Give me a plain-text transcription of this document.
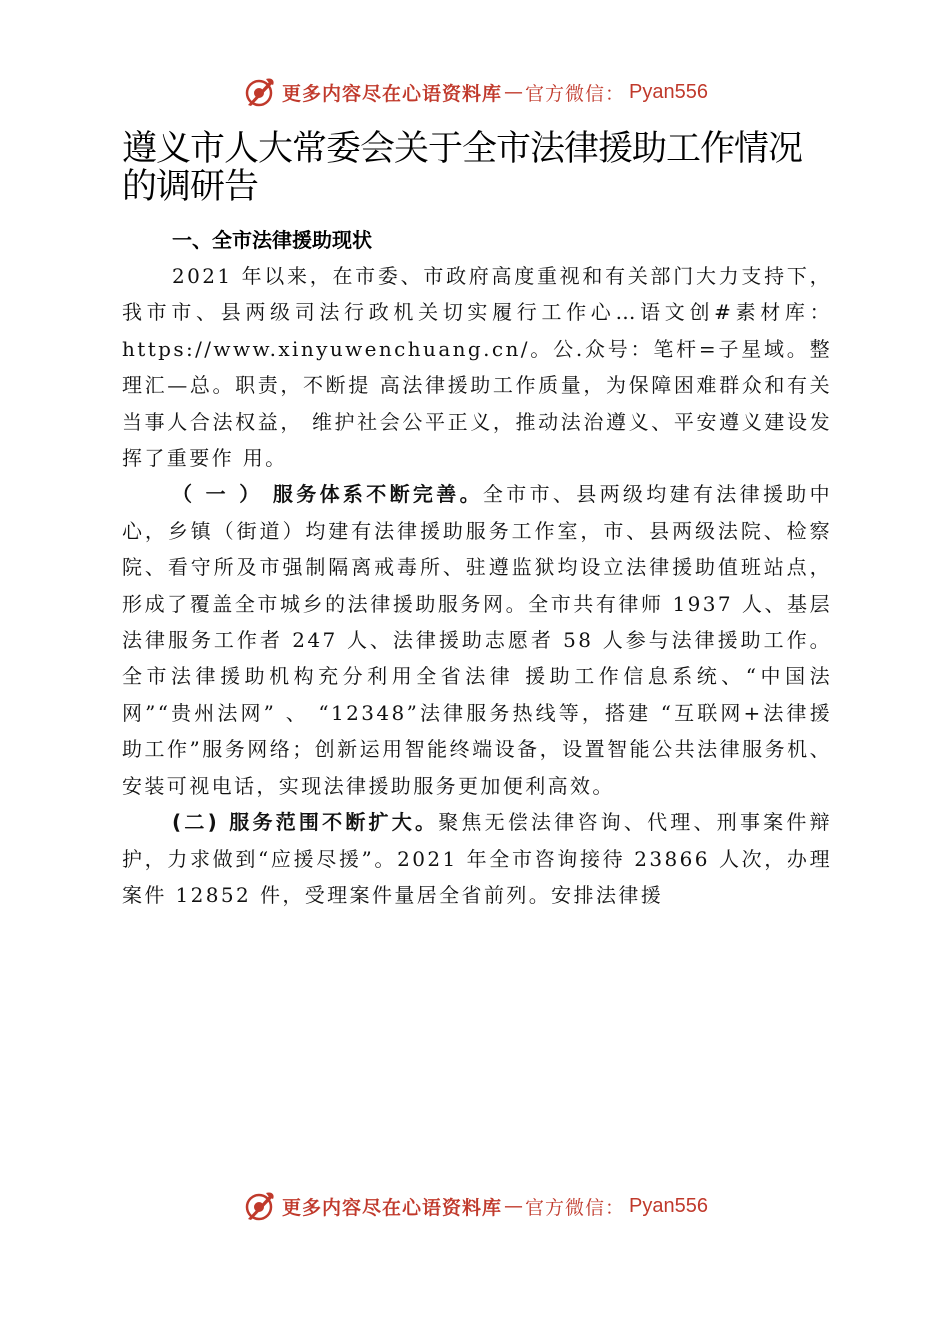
更多内容尽在心语资料库 — 官方微信： Pyan556
遵义市人大常委会关于全市法律援助工作情况的调研告

一、全市法律援助现状

2021 年以来，在市委、市政府高度重视和有关部门大力支持下，我市市、县两级司法行政机关切实履行工作心…语文创#素材库：https://www.xinyuwenchuang.cn/。公.众号：笔杆=子星域。整理汇—总。职责，不断提 高法律援助工作质量，为保障困难群众和有关当事人合法权益， 维护社会公平正义，推动法治遵义、平安遵义建设发挥了重要作 用。

（ 一 ） 服务体系不断完善。全市市、县两级均建有法律援助中心，乡镇（街道）均建有法律援助服务工作室，市、县两级法院、检察院、看守所及市强制隔离戒毒所、驻遵监狱均设立法律援助值班站点，形成了覆盖全市城乡的法律援助服务网。全市共有律师 1937 人、基层法律服务工作者 247 人、法律援助志愿者 58 人参与法律援助工作。全市法律援助机构充分利用全省法律 援助工作信息系统、“中国法网”“贵州法网” 、 “12348”法律服务热线等，搭建 “互联网+法律援助工作”服务网络；创新运用智能终端设备，设置智能公共法律服务机、安装可视电话，实现法律援助服务更加便利高效。

(二) 服务范围不断扩大。聚焦无偿法律咨询、代理、刑事案件辩护，力求做到“应援尽援”。2021 年全市咨询接待 23866 人次，办理案件 12852 件，受理案件量居全省前列。安排法律援

更多内容尽在心语资料库 — 官方微信： Pyan556
